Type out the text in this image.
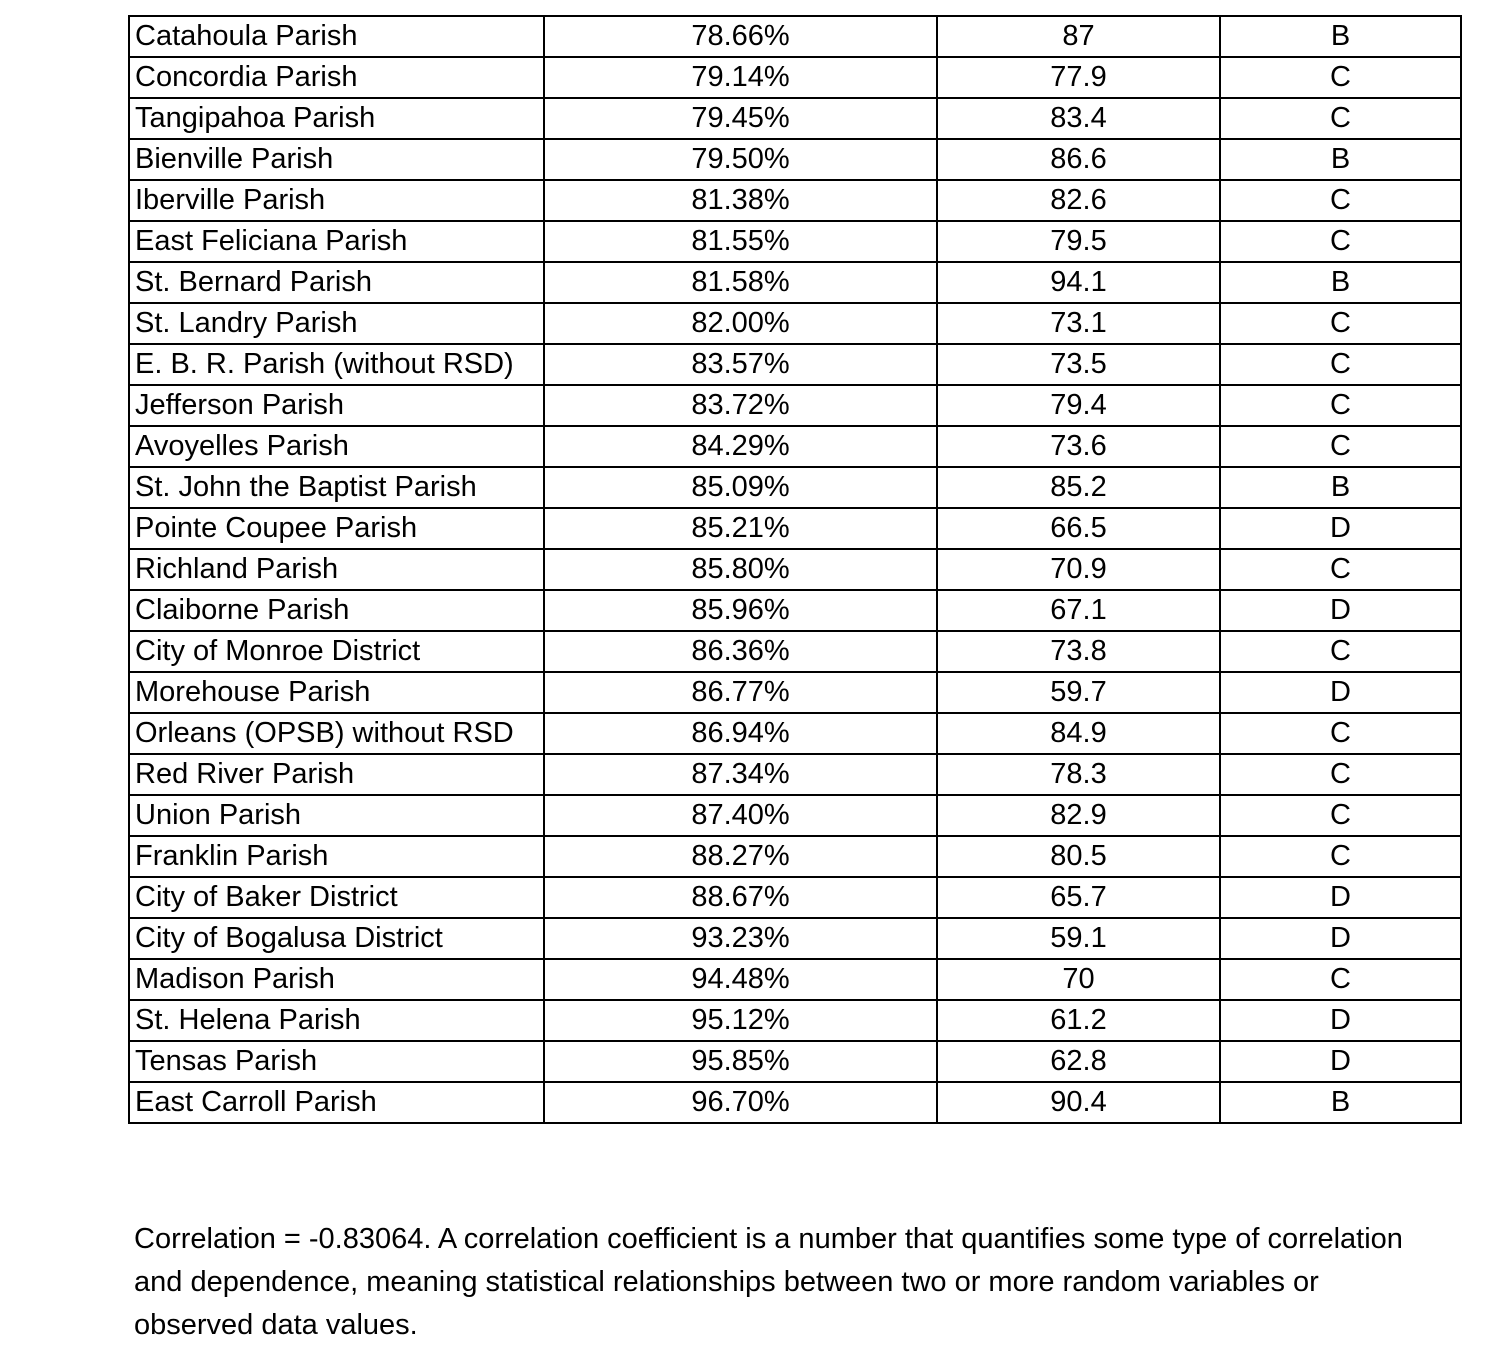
Catahoula Parish	78.66%	87	B
Concordia Parish	79.14%	77.9	C
Tangipahoa Parish	79.45%	83.4	C
Bienville Parish	79.50%	86.6	B
Iberville Parish	81.38%	82.6	C
East Feliciana Parish	81.55%	79.5	C
St. Bernard Parish	81.58%	94.1	B
St. Landry Parish	82.00%	73.1	C
E. B. R. Parish (without RSD)	83.57%	73.5	C
Jefferson Parish	83.72%	79.4	C
Avoyelles Parish	84.29%	73.6	C
St. John the Baptist Parish	85.09%	85.2	B
Pointe Coupee Parish	85.21%	66.5	D
Richland Parish	85.80%	70.9	C
Claiborne Parish	85.96%	67.1	D
City of Monroe District	86.36%	73.8	C
Morehouse Parish	86.77%	59.7	D
Orleans (OPSB) without RSD	86.94%	84.9	C
Red River Parish	87.34%	78.3	C
Union Parish	87.40%	82.9	C
Franklin Parish	88.27%	80.5	C
City of Baker District	88.67%	65.7	D
City of Bogalusa District	93.23%	59.1	D
Madison Parish	94.48%	70	C
St. Helena Parish	95.12%	61.2	D
Tensas Parish	95.85%	62.8	D
East Carroll Parish	96.70%	90.4	B

Correlation = -0.83064. A correlation coefficient is a number that quantifies some type of correlation and dependence, meaning statistical relationships between two or more random variables or observed data values.
